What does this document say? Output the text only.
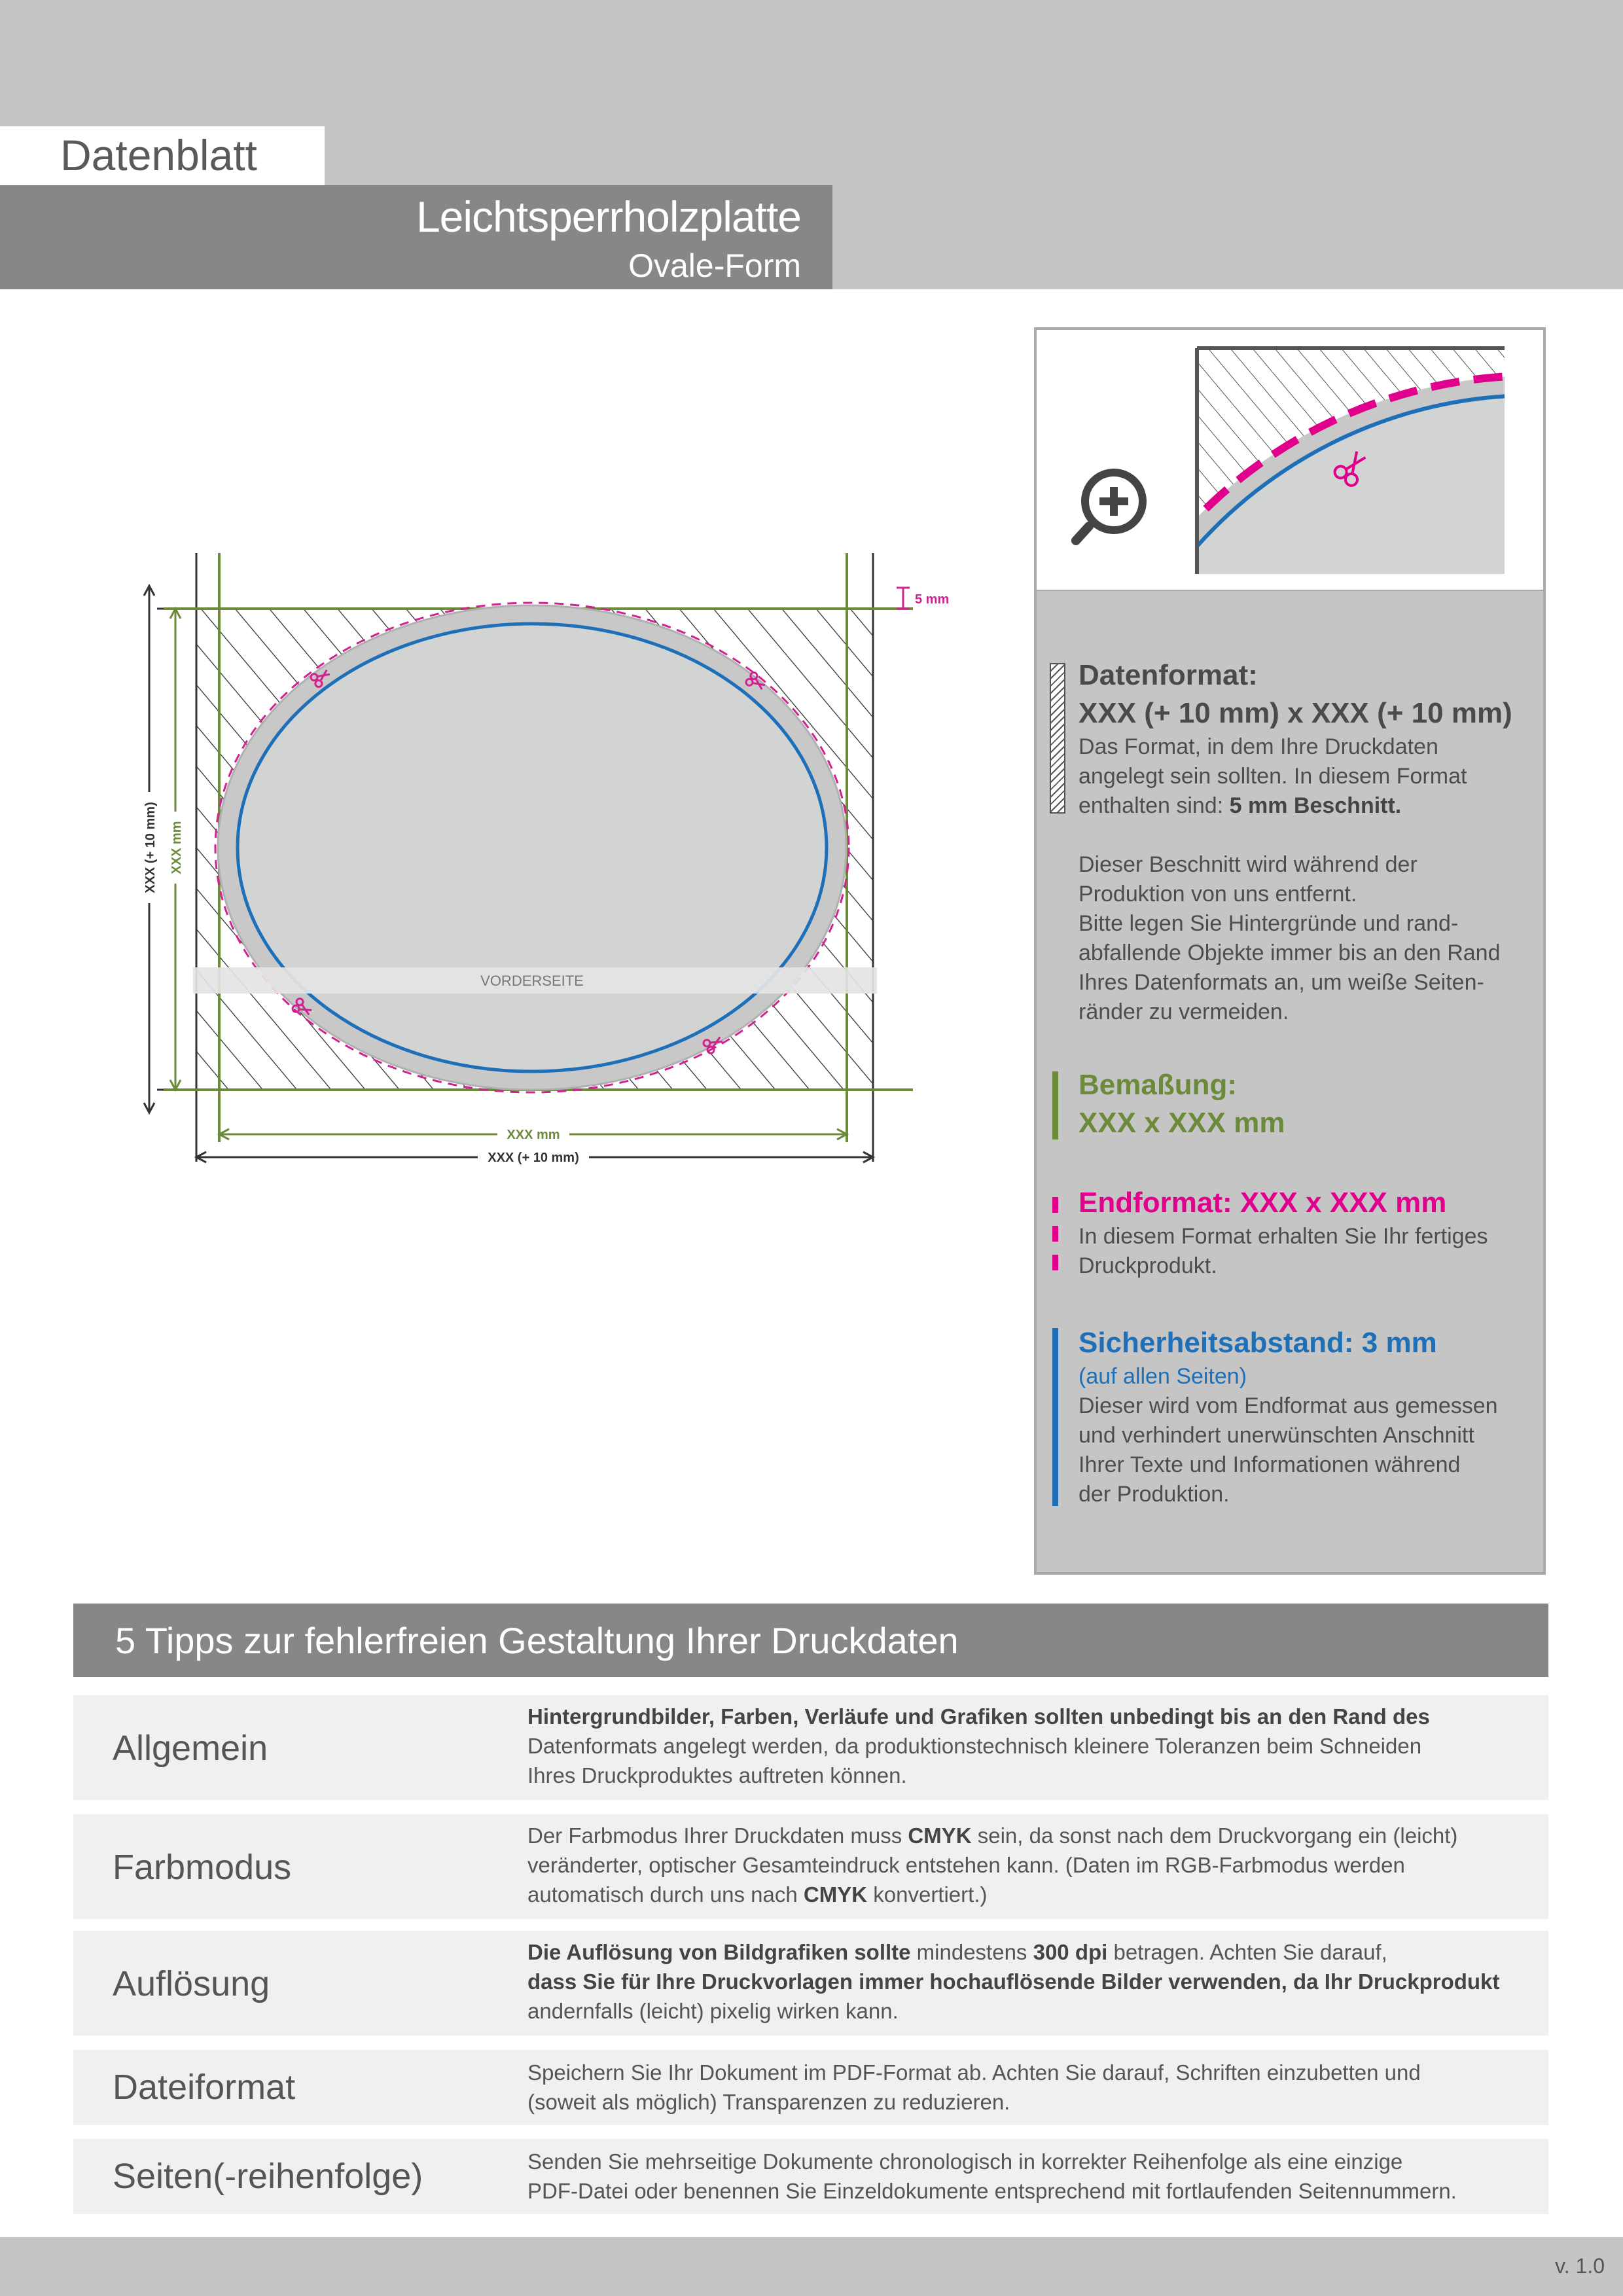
Datenblatt
Leichtsperrholzplatte
Ovale-Form
VORDERSEITE
5 mm
XXX mm
XXX (+ 10 mm)
XXX (+ 10 mm) XXX mm
Datenformat:
XXX (+ 10 mm) x XXX (+ 10 mm)
Das Format, in dem Ihre Druckdaten
angelegt sein sollten. In diesem Format
enthalten sind: 5 mm Beschnitt.
Dieser Beschnitt wird während der
Produktion von uns entfernt.
Bitte legen Sie Hintergründe und rand-
abfallende Objekte immer bis an den Rand
Ihres Datenformats an, um weiße Seiten-
ränder zu vermeiden.
Bemaßung:
XXX x XXX mm
Endformat: XXX x XXX mm
In diesem Format erhalten Sie Ihr fertiges
Druckprodukt.
Sicherheitsabstand: 3 mm
(auf allen Seiten)
Dieser wird vom Endformat aus gemessen
und verhindert unerwünschten Anschnitt
Ihrer Texte und Informationen während
der Produktion.
5 Tipps zur fehlerfreien Gestaltung Ihrer Druckdaten
Allgemein
Hintergrundbilder, Farben, Verläufe und Grafiken sollten unbedingt bis an den Rand des
Datenformats angelegt werden, da produktionstechnisch kleinere Toleranzen beim Schneiden
Ihres Druckproduktes auftreten können.
Farbmodus
Der Farbmodus Ihrer Druckdaten muss CMYK sein, da sonst nach dem Druckvorgang ein (leicht)
veränderter, optischer Gesamteindruck entstehen kann. (Daten im RGB-Farbmodus werden
automatisch durch uns nach CMYK konvertiert.)
Auflösung
Die Auflösung von Bildgrafiken sollte mindestens 300 dpi betragen. Achten Sie darauf,
dass Sie für Ihre Druckvorlagen immer hochauflösende Bilder verwenden, da Ihr Druckprodukt
andernfalls (leicht) pixelig wirken kann.
Dateiformat	Speichern Sie Ihr Dokument im PDF-Format ab. Achten Sie darauf, Schriften einzubetten und
(soweit als möglich) Transparenzen zu reduzieren.
Seiten(-reihenfolge)	Senden Sie mehrseitige Dokumente chronologisch in korrekter Reihenfolge als eine einzige
PDF-Datei oder benennen Sie Einzeldokumente entsprechend mit fortlaufenden Seitennummern.
v. 1.0
